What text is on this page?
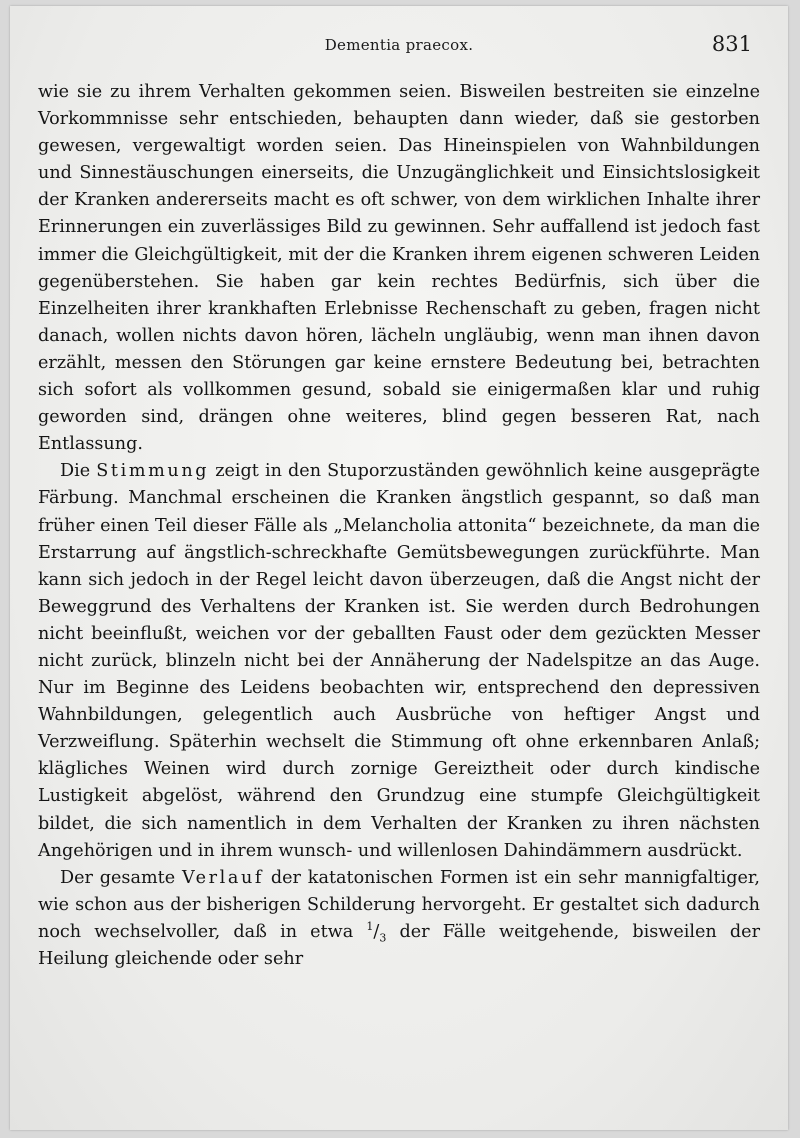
Dementia praecox.	831

wie sie zu ihrem Verhalten gekommen seien. Bisweilen bestreiten sie einzelne Vorkommnisse sehr entschieden, behaupten dann wieder, daß sie gestorben gewesen, vergewaltigt worden seien. Das Hineinspielen von Wahnbildungen und Sinnestäuschungen einerseits, die Unzugänglichkeit und Einsichtslosigkeit der Kranken andererseits macht es oft schwer, von dem wirklichen Inhalte ihrer Erinnerungen ein zuverlässiges Bild zu gewinnen. Sehr auffallend ist jedoch fast immer die Gleichgültigkeit, mit der die Kranken ihrem eigenen schweren Leiden gegenüberstehen. Sie haben gar kein rechtes Bedürfnis, sich über die Einzelheiten ihrer krankhaften Erlebnisse Rechenschaft zu geben, fragen nicht danach, wollen nichts davon hören, lächeln ungläubig, wenn man ihnen davon erzählt, messen den Störungen gar keine ernstere Bedeutung bei, betrachten sich sofort als vollkommen gesund, sobald sie einigermaßen klar und ruhig geworden sind, drängen ohne weiteres, blind gegen besseren Rat, nach Entlassung.

Die Stimmung zeigt in den Stuporzuständen gewöhnlich keine ausgeprägte Färbung. Manchmal erscheinen die Kranken ängstlich gespannt, so daß man früher einen Teil dieser Fälle als „Melancholia attonita“ bezeichnete, da man die Erstarrung auf ängstlich-schreckhafte Gemütsbewegungen zurückführte. Man kann sich jedoch in der Regel leicht davon überzeugen, daß die Angst nicht der Beweggrund des Verhaltens der Kranken ist. Sie werden durch Bedrohungen nicht beeinflußt, weichen vor der geballten Faust oder dem gezückten Messer nicht zurück, blinzeln nicht bei der Annäherung der Nadelspitze an das Auge. Nur im Beginne des Leidens beobachten wir, entsprechend den depressiven Wahnbildungen, gelegentlich auch Ausbrüche von heftiger Angst und Verzweiflung. Späterhin wechselt die Stimmung oft ohne erkennbaren Anlaß; klägliches Weinen wird durch zornige Gereiztheit oder durch kindische Lustigkeit abgelöst, während den Grundzug eine stumpfe Gleichgültigkeit bildet, die sich namentlich in dem Verhalten der Kranken zu ihren nächsten Angehörigen und in ihrem wunsch- und willenlosen Dahindämmern ausdrückt.

Der gesamte Verlauf der katatonischen Formen ist ein sehr mannigfaltiger, wie schon aus der bisherigen Schilderung hervorgeht. Er gestaltet sich dadurch noch wechselvoller, daß in etwa $^1/_3$ der Fälle weitgehende, bisweilen der Heilung gleichende oder sehr
